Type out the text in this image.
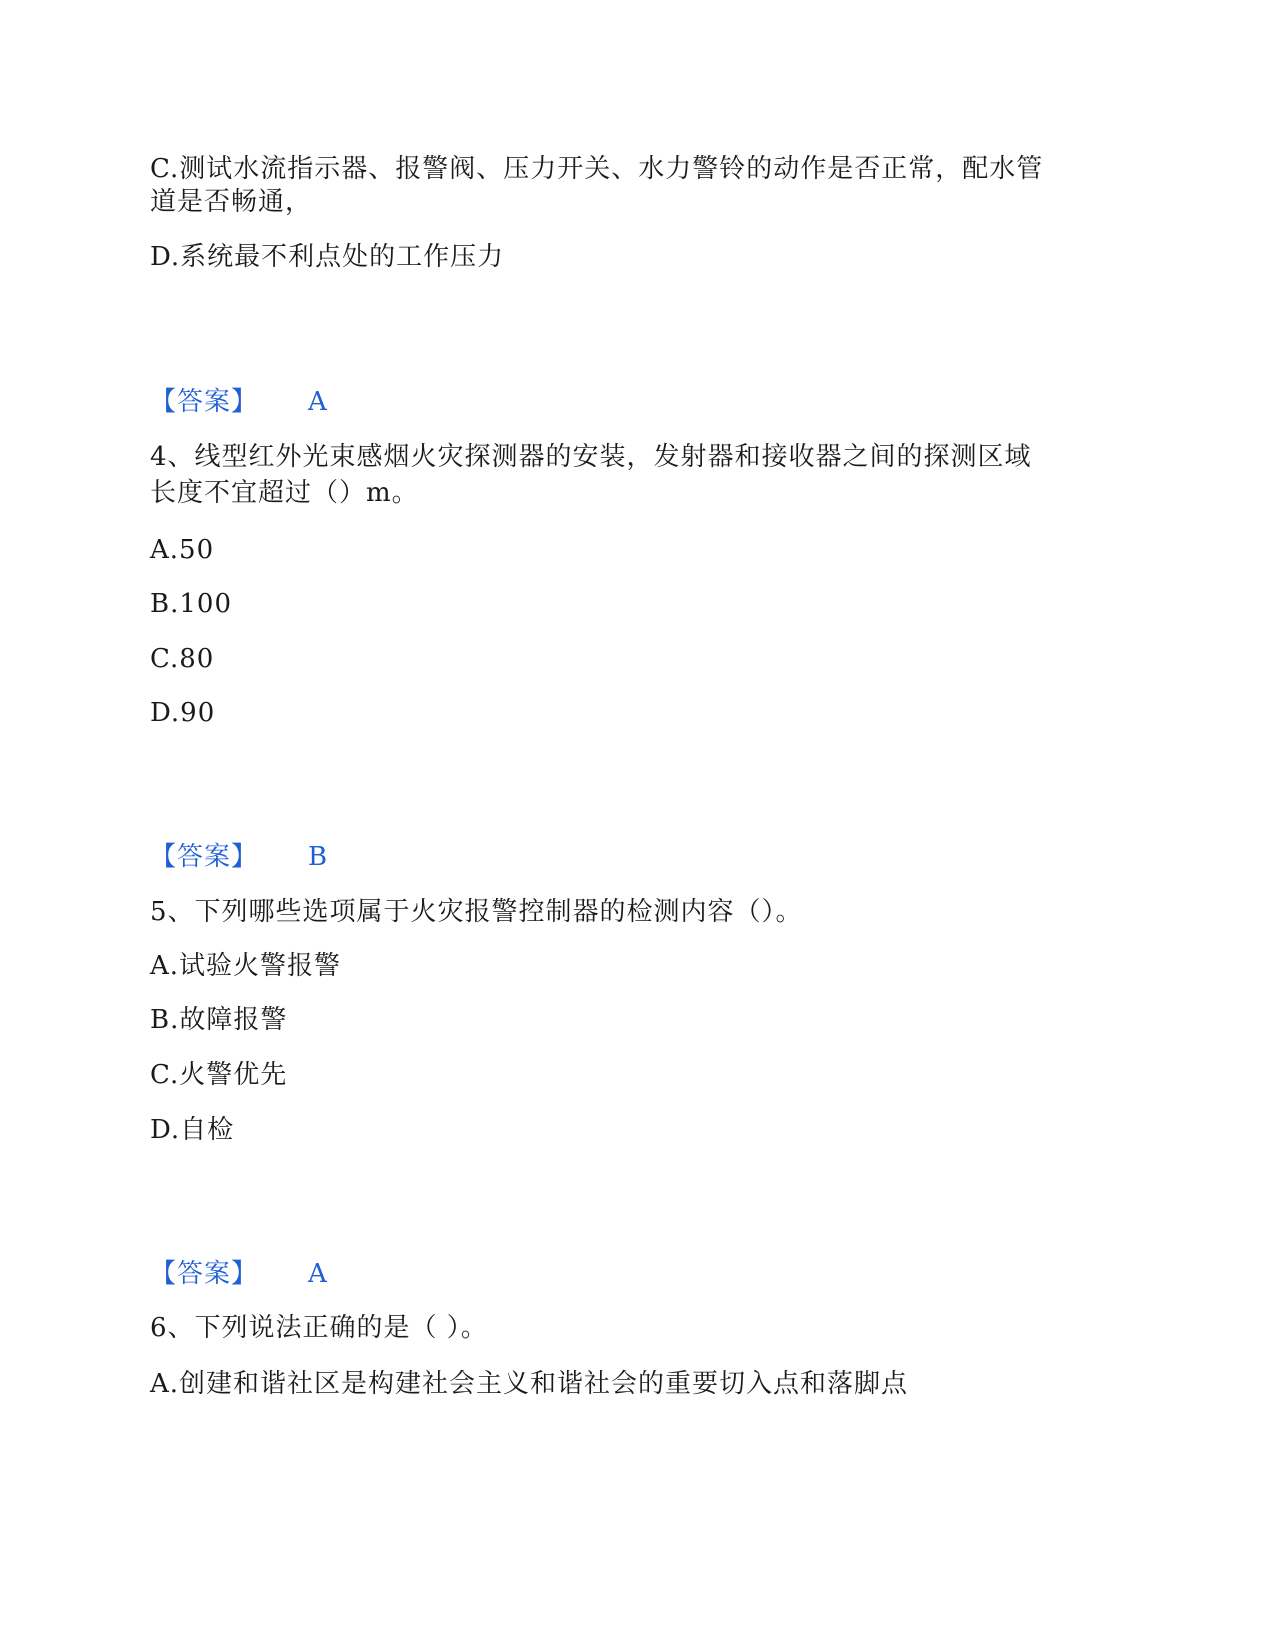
C.测试水流指示器、报警阀、压力开关、水力警铃的动作是否正常，配水管
道是否畅通，
D.系统最不利点处的工作压力
【答案】 A
4、线型红外光束感烟火灾探测器的安装，发射器和接收器之间的探测区域
长度不宜超过（）m。
A.50
B.100
C.80
D.90
【答案】 B
5、下列哪些选项属于火灾报警控制器的检测内容（）。
A.试验火警报警
B.故障报警
C.火警优先
D.自检
【答案】 A
6、下列说法正确的是（ ）。
A.创建和谐社区是构建社会主义和谐社会的重要切入点和落脚点
